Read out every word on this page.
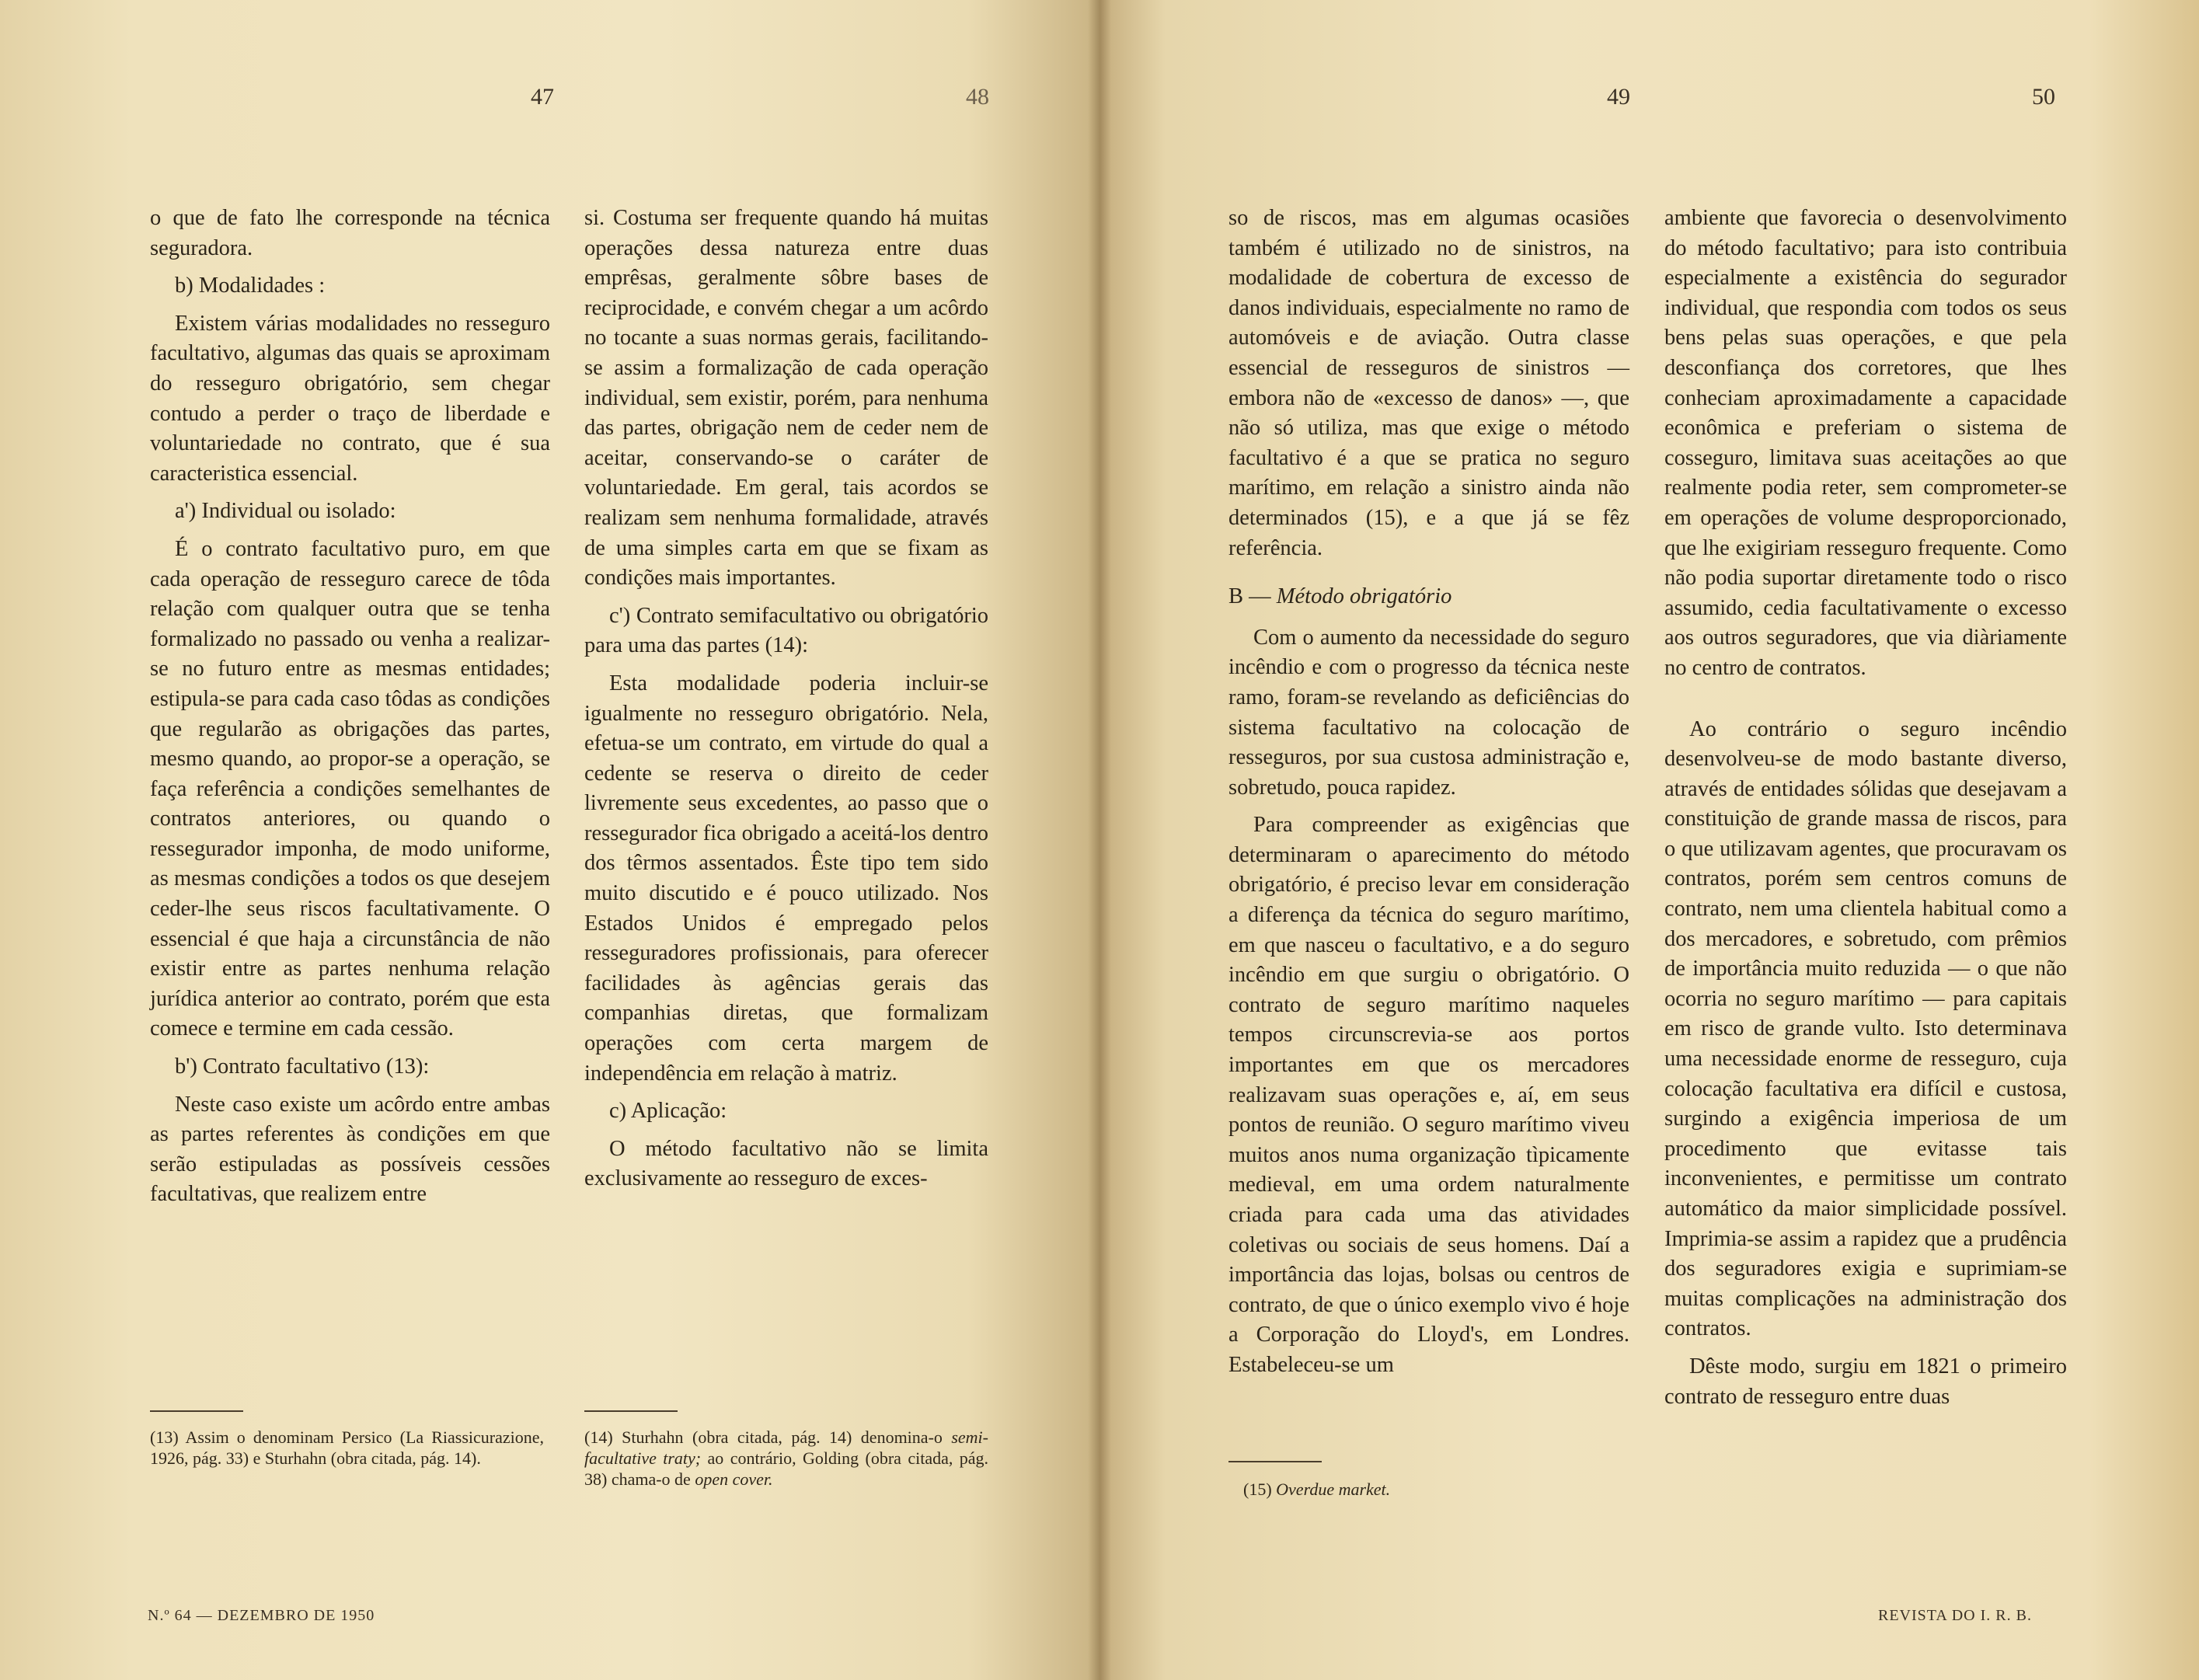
47	48

o que de fato lhe corresponde na técnica seguradora.

b) Modalidades :

Existem várias modalidades no resseguro facultativo, algumas das quais se aproximam do resseguro obrigatório, sem chegar contudo a perder o traço de liberdade e voluntariedade no contrato, que é sua caracteristica essencial.

a') Individual ou isolado:

É o contrato facultativo puro, em que cada operação de resseguro carece de tôda relação com qualquer outra que se tenha formalizado no passado ou venha a realizar-se no futuro entre as mesmas entidades; estipula-se para cada caso tôdas as condições que regularão as obrigações das partes, mesmo quando, ao propor-se a operação, se faça referência a condições semelhantes de contratos anteriores, ou quando o ressegurador imponha, de modo uniforme, as mesmas condições a todos os que desejem ceder-lhe seus riscos facultativamente. O essencial é que haja a circunstância de não existir entre as partes nenhuma relação jurídica anterior ao contrato, porém que esta comece e termine em cada cessão.

b') Contrato facultativo (13):

Neste caso existe um acôrdo entre ambas as partes referentes às condições em que serão estipuladas as possíveis cessões facultativas, que realizem entre

si. Costuma ser frequente quando há muitas operações dessa natureza entre duas emprêsas, geralmente sôbre bases de reciprocidade, e convém chegar a um acôrdo no tocante a suas normas gerais, facilitando-se assim a formalização de cada operação individual, sem existir, porém, para nenhuma das partes, obrigação nem de ceder nem de aceitar, conservando-se o caráter de voluntariedade. Em geral, tais acordos se realizam sem nenhuma formalidade, através de uma simples carta em que se fixam as condições mais importantes.

c') Contrato semifacultativo ou obrigatório para uma das partes (14):

Esta modalidade poderia incluir-se igualmente no resseguro obrigatório. Nela, efetua-se um contrato, em virtude do qual a cedente se reserva o direito de ceder livremente seus excedentes, ao passo que o ressegurador fica obrigado a aceitá-los dentro dos têrmos assentados. Êste tipo tem sido muito discutido e é pouco utilizado. Nos Estados Unidos é empregado pelos resseguradores profissionais, para oferecer facilidades às agências gerais das companhias diretas, que formalizam operações com certa margem de independência em relação à matriz.

c) Aplicação:

O método facultativo não se limita exclusivamente ao resseguro de exces-

(13) Assim o denominam Persico (La Riassicurazione, 1926, pág. 33) e Sturhahn (obra citada, pág. 14).

(14) Sturhahn (obra citada, pág. 14) denomina-o semi-facultative traty; ao contrário, Golding (obra citada, pág. 38) chama-o de open cover.

N.º 64 — DEZEMBRO DE 1950
49	50

so de riscos, mas em algumas ocasiões também é utilizado no de sinistros, na modalidade de cobertura de excesso de danos individuais, especialmente no ramo de automóveis e de aviação. Outra classe essencial de resseguros de sinistros — embora não de «excesso de danos» —, que não só utiliza, mas que exige o método facultativo é a que se pratica no seguro marítimo, em relação a sinistro ainda não determinados (15), e a que já se fêz referência.

B — Método obrigatório

Com o aumento da necessidade do seguro incêndio e com o progresso da técnica neste ramo, foram-se revelando as deficiências do sistema facultativo na colocação de resseguros, por sua custosa administração e, sobretudo, pouca rapidez.

Para compreender as exigências que determinaram o aparecimento do método obrigatório, é preciso levar em consideração a diferença da técnica do seguro marítimo, em que nasceu o facultativo, e a do seguro incêndio em que surgiu o obrigatório. O contrato de seguro marítimo naqueles tempos circunscrevia-se aos portos importantes em que os mercadores realizavam suas operações e, aí, em seus pontos de reunião. O seguro marítimo viveu muitos anos numa organização tìpicamente medieval, em uma ordem naturalmente criada para cada uma das atividades coletivas ou sociais de seus homens. Daí a importância das lojas, bolsas ou centros de contrato, de que o único exemplo vivo é hoje a Corporação do Lloyd's, em Londres. Estabeleceu-se um

ambiente que favorecia o desenvolvimento do método facultativo; para isto contribuia especialmente a existência do segurador individual, que respondia com todos os seus bens pelas suas operações, e que pela desconfiança dos corretores, que lhes conheciam aproximadamente a capacidade econômica e preferiam o sistema de cosseguro, limitava suas aceitações ao que realmente podia reter, sem comprometer-se em operações de volume desproporcionado, que lhe exigiriam resseguro frequente. Como não podia suportar diretamente todo o risco assumido, cedia facultativamente o excesso aos outros seguradores, que via diàriamente no centro de contratos.

Ao contrário o seguro incêndio desenvolveu-se de modo bastante diverso, através de entidades sólidas que desejavam a constituição de grande massa de riscos, para o que utilizavam agentes, que procuravam os contratos, porém sem centros comuns de contrato, nem uma clientela habitual como a dos mercadores, e sobretudo, com prêmios de importância muito reduzida — o que não ocorria no seguro marítimo — para capitais em risco de grande vulto. Isto determinava uma necessidade enorme de resseguro, cuja colocação facultativa era difícil e custosa, surgindo a exigência imperiosa de um procedimento que evitasse tais inconvenientes, e permitisse um contrato automático da maior simplicidade possível. Imprimia-se assim a rapidez que a prudência dos seguradores exigia e suprimiam-se muitas complicações na administração dos contratos.

Dêste modo, surgiu em 1821 o primeiro contrato de resseguro entre duas

(15) Overdue market.

REVISTA DO I. R. B.
